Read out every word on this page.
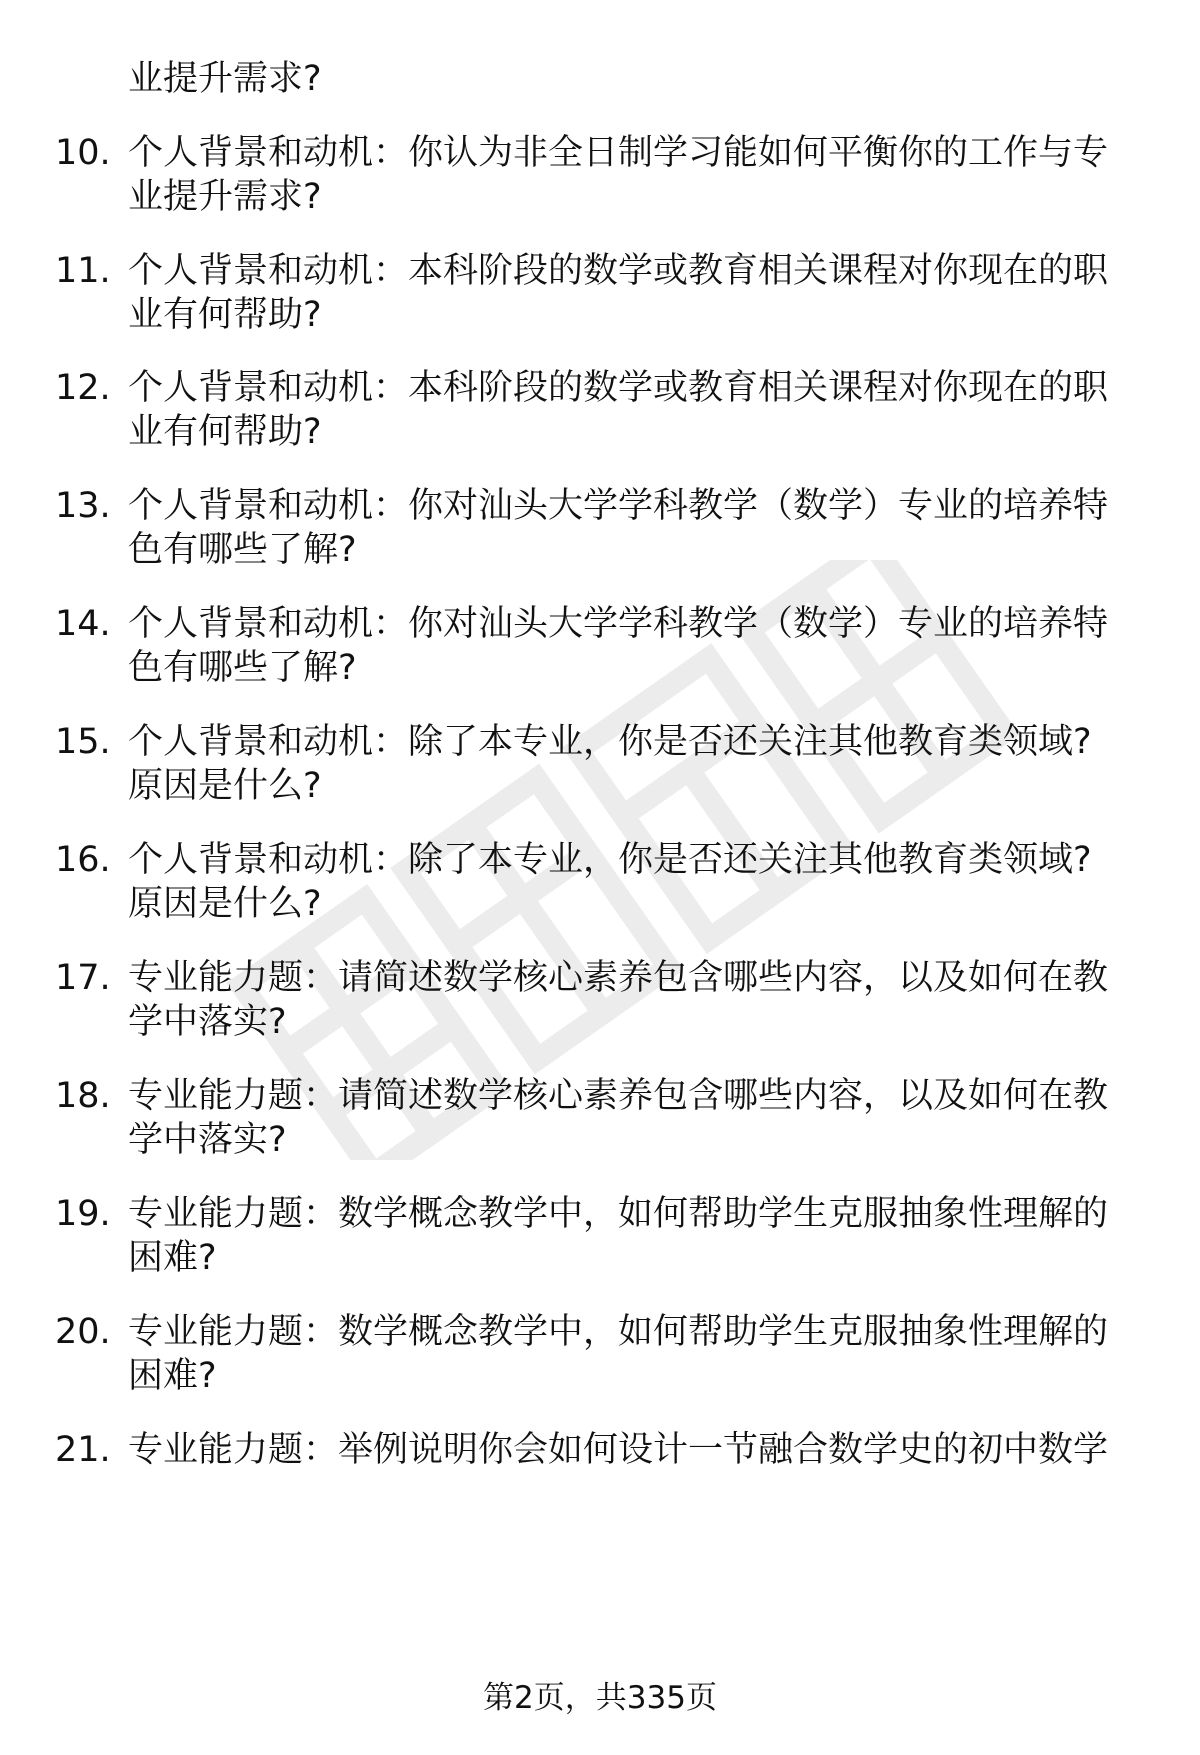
业提升需求?
10. 个人背景和动机：你认为非全日制学习能如何平衡你的工作与专
业提升需求?
11. 个人背景和动机：本科阶段的数学或教育相关课程对你现在的职
业有何帮助?
12. 个人背景和动机：本科阶段的数学或教育相关课程对你现在的职
业有何帮助?
13. 个人背景和动机：你对汕头大学学科教学（数学）专业的培养特
色有哪些了解?
14. 个人背景和动机：你对汕头大学学科教学（数学）专业的培养特
色有哪些了解?
15. 个人背景和动机：除了本专业，你是否还关注其他教育类领域?
原因是什么?
16. 个人背景和动机：除了本专业，你是否还关注其他教育类领域?
原因是什么?
17. 专业能力题：请简述数学核心素养包含哪些内容，以及如何在教
学中落实?
18. 专业能力题：请简述数学核心素养包含哪些内容，以及如何在教
学中落实?
19. 专业能力题：数学概念教学中，如何帮助学生克服抽象性理解的
困难?
20. 专业能力题：数学概念教学中，如何帮助学生克服抽象性理解的
困难?
21. 专业能力题：举例说明你会如何设计一节融合数学史的初中数学
第2页，共335页
